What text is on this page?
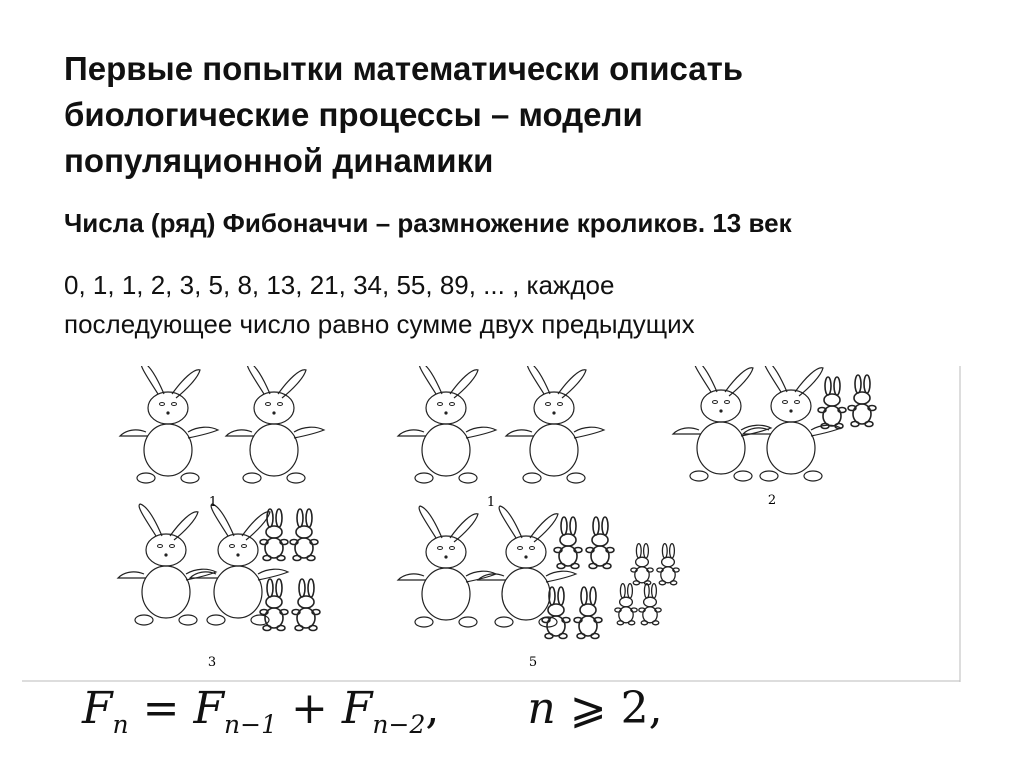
Первые попытки математически описать
биологические процессы – модели
популяционной динамики
Числа (ряд) Фибоначчи – размножение кроликов. 13 век
0, 1, 1, 2, 3, 5, 8, 13, 21, 34, 55, 89, ... , каждое
последующее число равно сумме двух предыдущих
1	1	2
3	5
$F_n = F_{n-1} + F_{n-2}$, n ⩾ 2,
